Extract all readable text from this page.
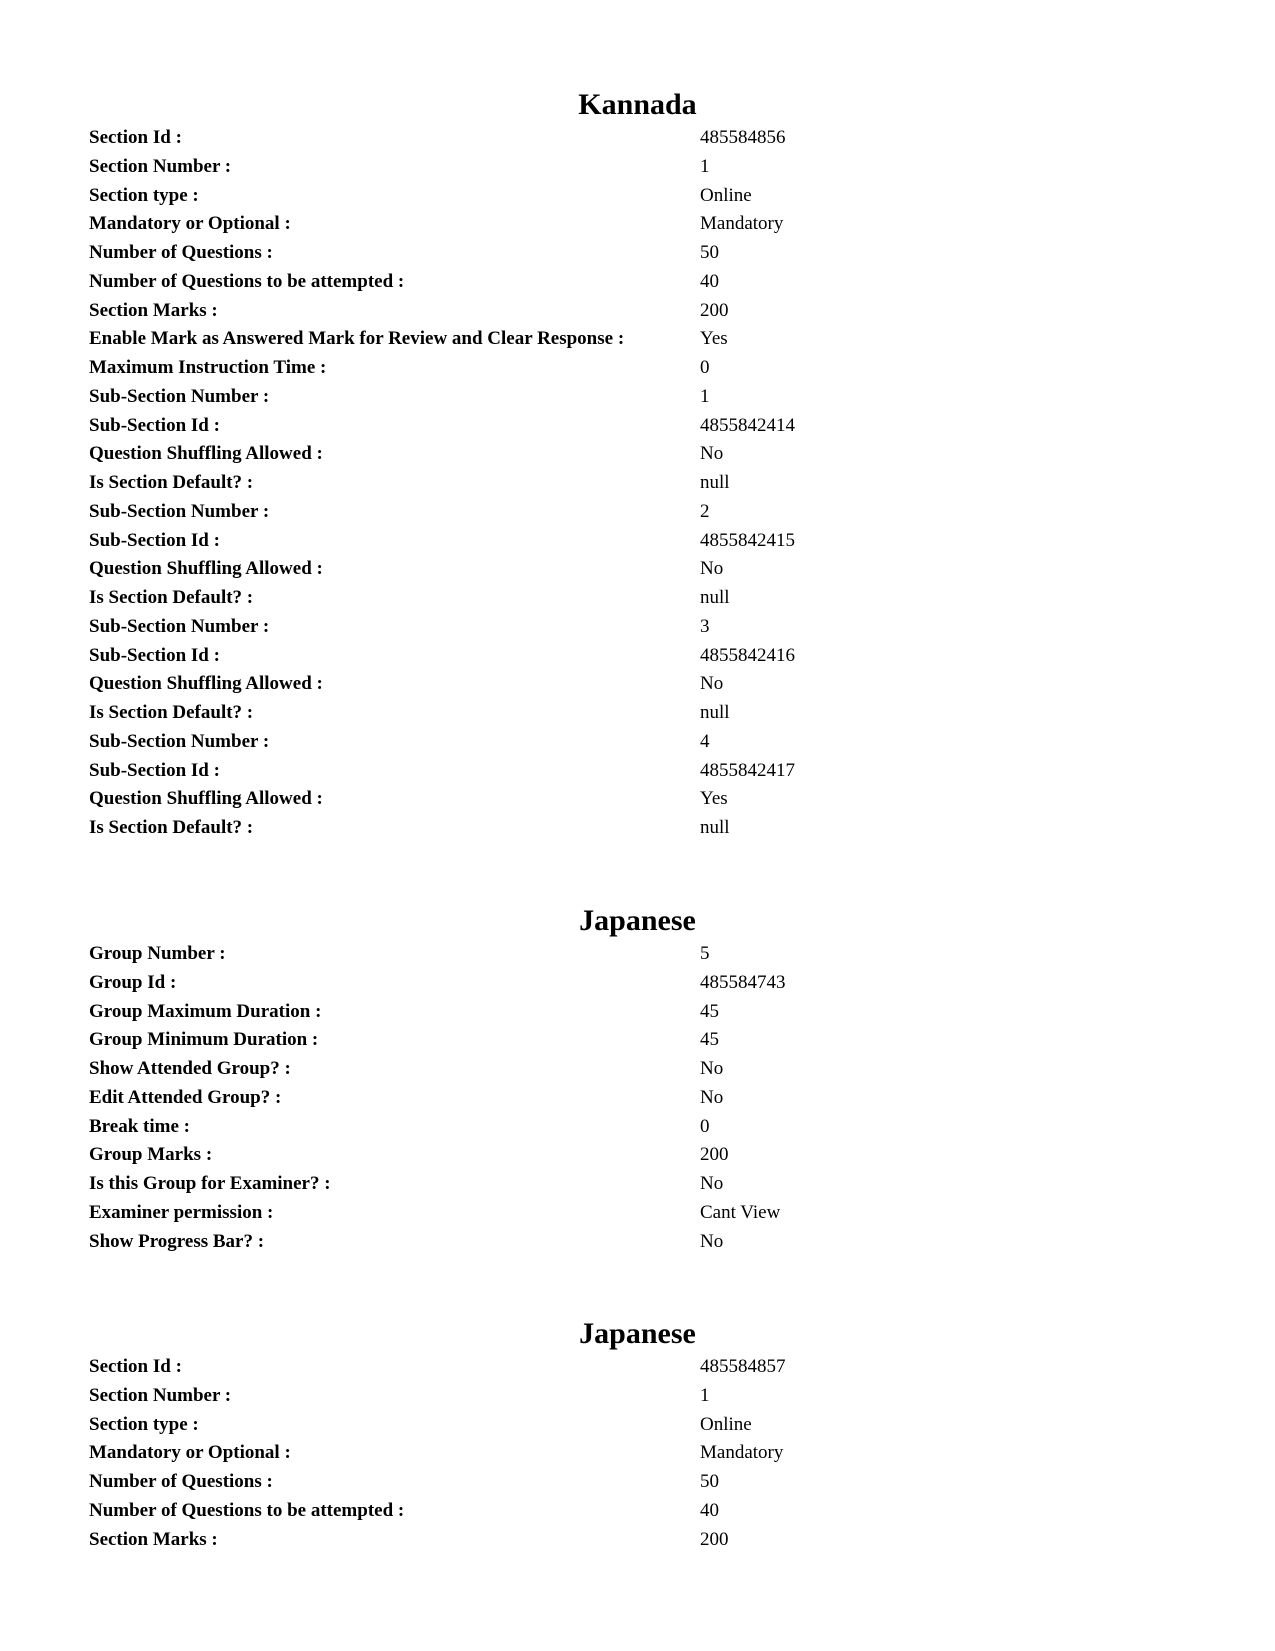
Kannada
Section Id :	485584856
Section Number :	1
Section type :	Online
Mandatory or Optional :	Mandatory
Number of Questions :	50
Number of Questions to be attempted :	40
Section Marks :	200
Enable Mark as Answered Mark for Review and Clear Response :	Yes
Maximum Instruction Time :	0
Sub-Section Number :	1
Sub-Section Id :	4855842414
Question Shuffling Allowed :	No
Is Section Default? :	null
Sub-Section Number :	2
Sub-Section Id :	4855842415
Question Shuffling Allowed :	No
Is Section Default? :	null
Sub-Section Number :	3
Sub-Section Id :	4855842416
Question Shuffling Allowed :	No
Is Section Default? :	null
Sub-Section Number :	4
Sub-Section Id :	4855842417
Question Shuffling Allowed :	Yes
Is Section Default? :	null
Japanese
Group Number :	5
Group Id :	485584743
Group Maximum Duration :	45
Group Minimum Duration :	45
Show Attended Group? :	No
Edit Attended Group? :	No
Break time :	0
Group Marks :	200
Is this Group for Examiner? :	No
Examiner permission :	Cant View
Show Progress Bar? :	No
Japanese
Section Id :	485584857
Section Number :	1
Section type :	Online
Mandatory or Optional :	Mandatory
Number of Questions :	50
Number of Questions to be attempted :	40
Section Marks :	200
